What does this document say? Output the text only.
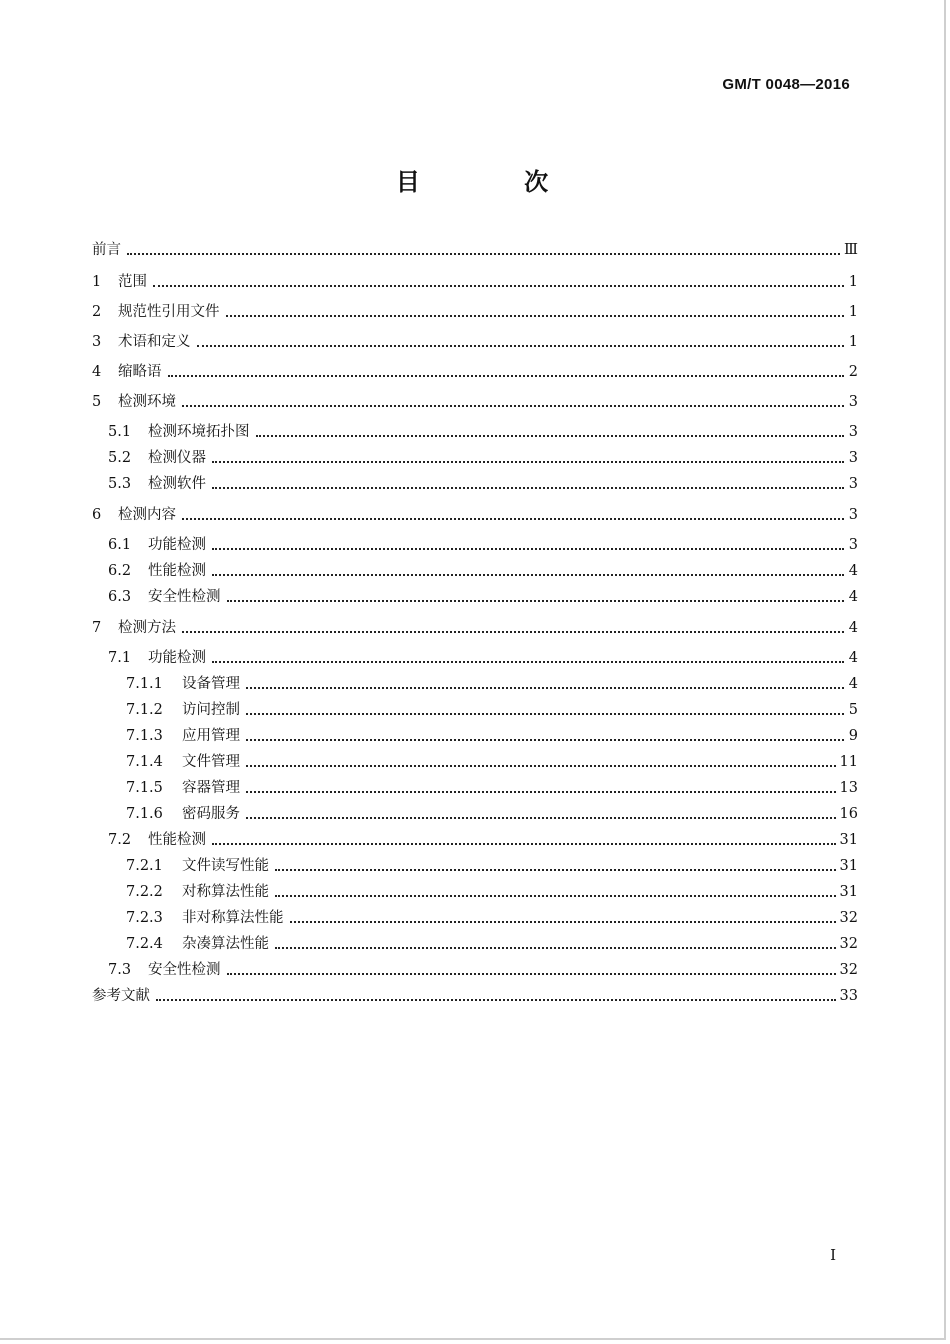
GM/T 0048—2016
目 次
前言	Ⅲ
1	范围	1
2	规范性引用文件	1
3	术语和定义	1
4	缩略语	2
5	检测环境	3
5.1	检测环境拓扑图	3
5.2	检测仪器	3
5.3	检测软件	3
6	检测内容	3
6.1	功能检测	3
6.2	性能检测	4
6.3	安全性检测	4
7	检测方法	4
7.1	功能检测	4
7.1.1	设备管理	4
7.1.2	访问控制	5
7.1.3	应用管理	9
7.1.4	文件管理	11
7.1.5	容器管理	13
7.1.6	密码服务	16
7.2	性能检测	31
7.2.1	文件读写性能	31
7.2.2	对称算法性能	31
7.2.3	非对称算法性能	32
7.2.4	杂凑算法性能	32
7.3	安全性检测	32
参考文献	33
I
